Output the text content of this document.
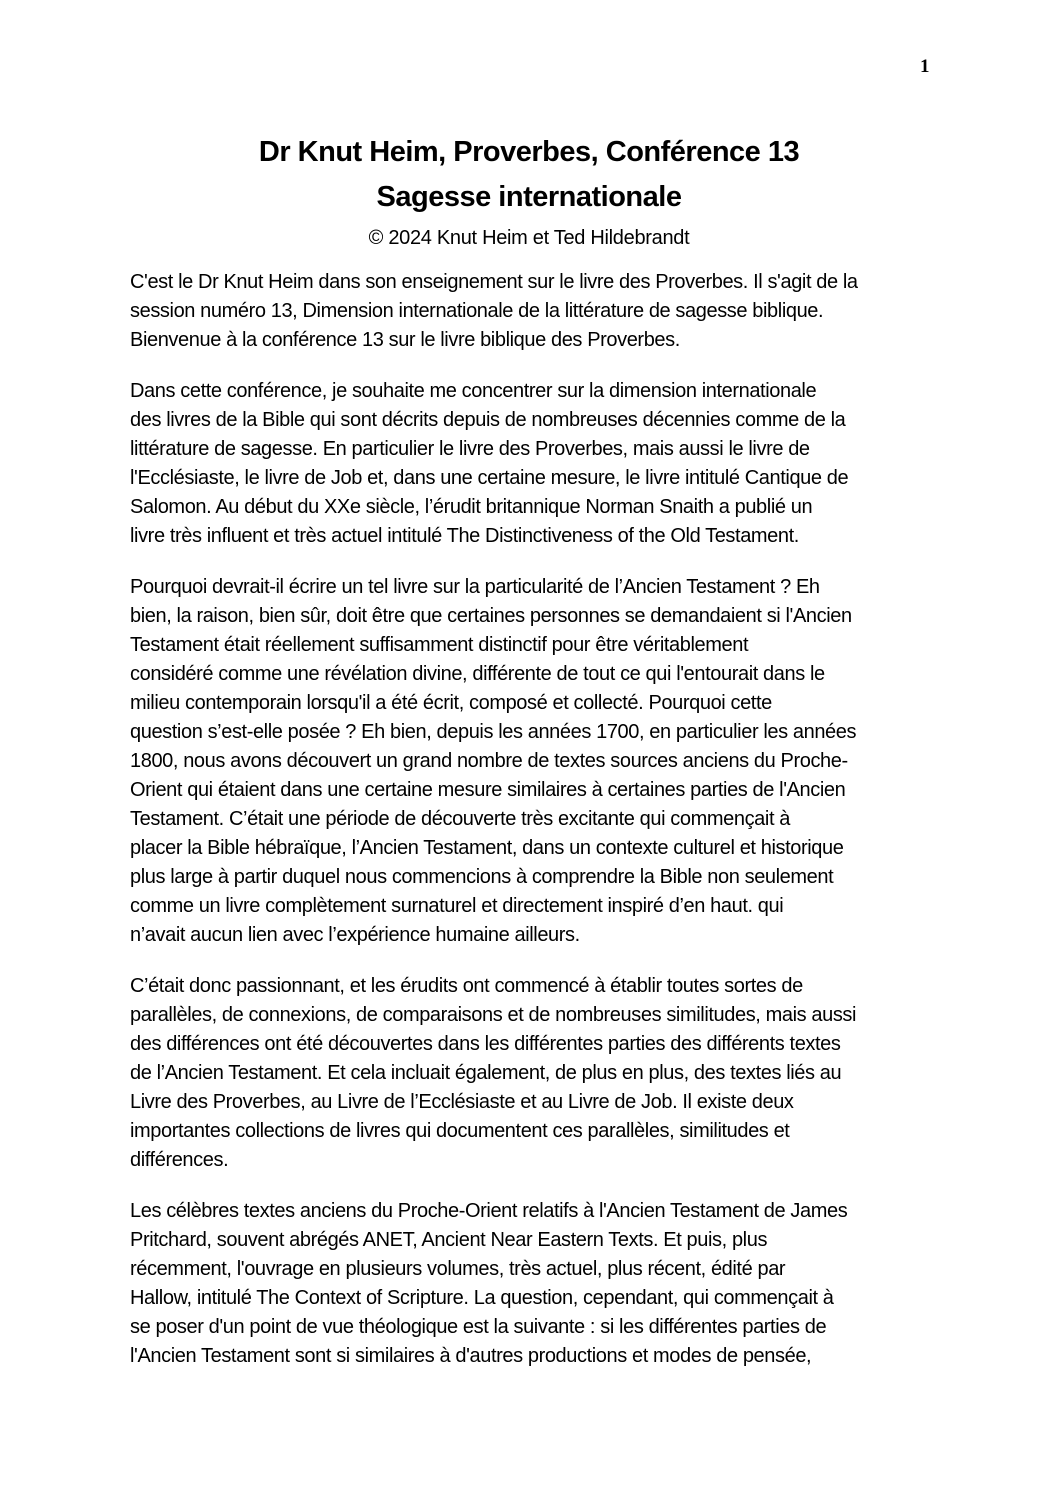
1
Dr Knut Heim, Proverbes, Conférence 13
Sagesse internationale
© 2024 Knut Heim et Ted Hildebrandt

C'est le Dr Knut Heim dans son enseignement sur le livre des Proverbes. Il s'agit de la
session numéro 13, Dimension internationale de la littérature de sagesse biblique.
Bienvenue à la conférence 13 sur le livre biblique des Proverbes.

Dans cette conférence, je souhaite me concentrer sur la dimension internationale
des livres de la Bible qui sont décrits depuis de nombreuses décennies comme de la
littérature de sagesse. En particulier le livre des Proverbes, mais aussi le livre de
l'Ecclésiaste, le livre de Job et, dans une certaine mesure, le livre intitulé Cantique de
Salomon. Au début du XXe siècle, l’érudit britannique Norman Snaith a publié un
livre très influent et très actuel intitulé The Distinctiveness of the Old Testament.

Pourquoi devrait-il écrire un tel livre sur la particularité de l’Ancien Testament ? Eh
bien, la raison, bien sûr, doit être que certaines personnes se demandaient si l'Ancien
Testament était réellement suffisamment distinctif pour être véritablement
considéré comme une révélation divine, différente de tout ce qui l'entourait dans le
milieu contemporain lorsqu'il a été écrit, composé et collecté. Pourquoi cette
question s’est-elle posée ? Eh bien, depuis les années 1700, en particulier les années
1800, nous avons découvert un grand nombre de textes sources anciens du Proche-
Orient qui étaient dans une certaine mesure similaires à certaines parties de l'Ancien
Testament. C’était une période de découverte très excitante qui commençait à
placer la Bible hébraïque, l’Ancien Testament, dans un contexte culturel et historique
plus large à partir duquel nous commencions à comprendre la Bible non seulement
comme un livre complètement surnaturel et directement inspiré d’en haut. qui
n’avait aucun lien avec l’expérience humaine ailleurs.

C’était donc passionnant, et les érudits ont commencé à établir toutes sortes de
parallèles, de connexions, de comparaisons et de nombreuses similitudes, mais aussi
des différences ont été découvertes dans les différentes parties des différents textes
de l’Ancien Testament. Et cela incluait également, de plus en plus, des textes liés au
Livre des Proverbes, au Livre de l’Ecclésiaste et au Livre de Job. Il existe deux
importantes collections de livres qui documentent ces parallèles, similitudes et
différences.

Les célèbres textes anciens du Proche-Orient relatifs à l'Ancien Testament de James
Pritchard, souvent abrégés ANET, Ancient Near Eastern Texts. Et puis, plus
récemment, l'ouvrage en plusieurs volumes, très actuel, plus récent, édité par
Hallow, intitulé The Context of Scripture. La question, cependant, qui commençait à
se poser d'un point de vue théologique est la suivante : si les différentes parties de
l'Ancien Testament sont si similaires à d'autres productions et modes de pensée,
